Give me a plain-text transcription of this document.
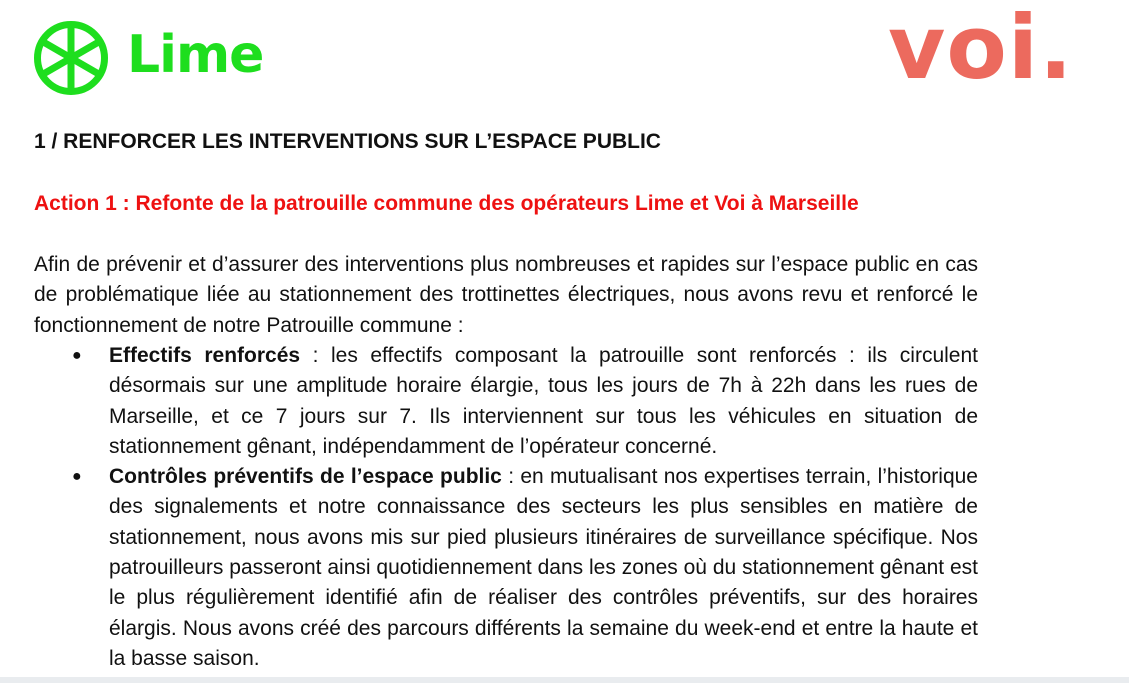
Lime	voi.
1 / RENFORCER LES INTERVENTIONS SUR L’ESPACE PUBLIC
Action 1 : Refonte de la patrouille commune des opérateurs Lime et Voi à Marseille

Afin de prévenir et d’assurer des interventions plus nombreuses et rapides sur l’espace public en cas de problématique liée au stationnement des trottinettes électriques, nous avons revu et renforcé le fonctionnement de notre Patrouille commune :

● Effectifs renforcés : les effectifs composant la patrouille sont renforcés : ils circulent désormais sur une amplitude horaire élargie, tous les jours de 7h à 22h dans les rues de Marseille, et ce 7 jours sur 7. Ils interviennent sur tous les véhicules en situation de stationnement gênant, indépendamment de l’opérateur concerné.
● Contrôles préventifs de l’espace public : en mutualisant nos expertises terrain, l’historique des signalements et notre connaissance des secteurs les plus sensibles en matière de stationnement, nous avons mis sur pied plusieurs itinéraires de surveillance spécifique. Nos patrouilleurs passeront ainsi quotidiennement dans les zones où du stationnement gênant est le plus régulièrement identifié afin de réaliser des contrôles préventifs, sur des horaires élargis. Nous avons créé des parcours différents la semaine du week-end et entre la haute et la basse saison.
